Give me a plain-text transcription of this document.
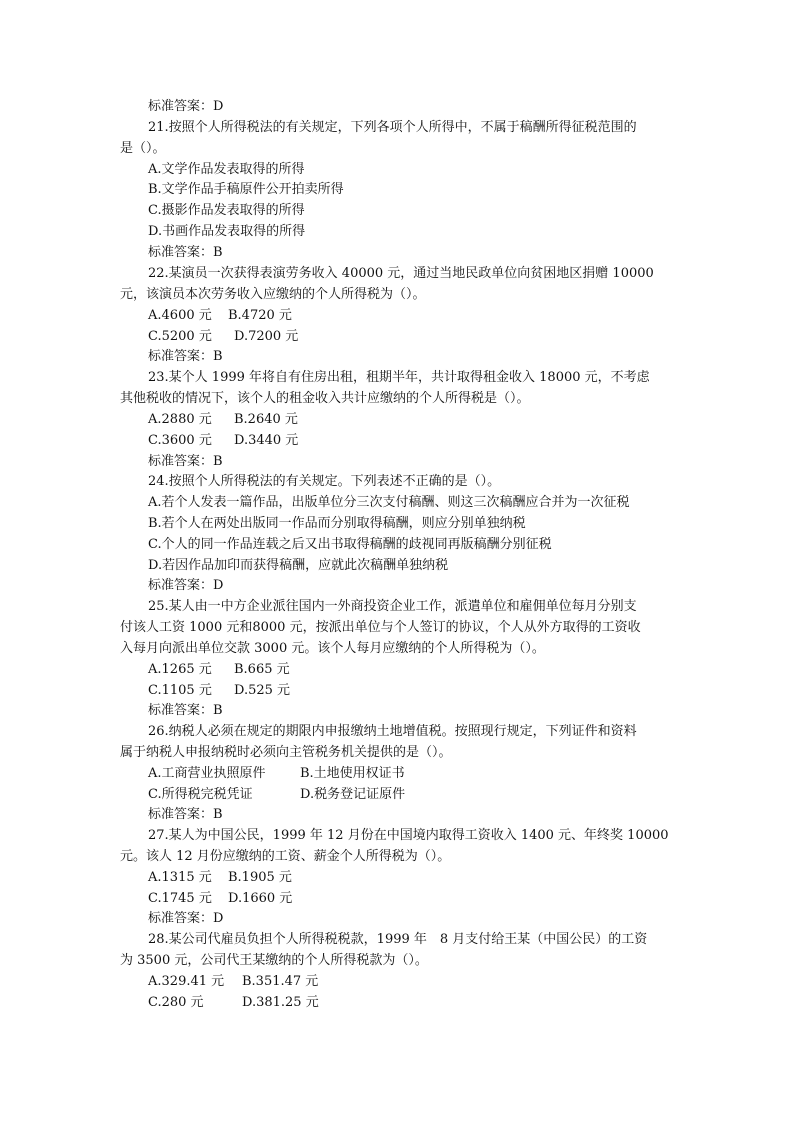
标准答案：D
21.按照个人所得税法的有关规定，下列各项个人所得中，不属于稿酬所得征税范围的
是（）。
A.文学作品发表取得的所得
B.文学作品手稿原件公开拍卖所得
C.摄影作品发表取得的所得
D.书画作品发表取得的所得
标准答案：B
22.某演员一次获得表演劳务收入 40000 元，通过当地民政单位向贫困地区捐赠 10000
元，该演员本次劳务收入应缴纳的个人所得税为（）。
A.4600 元 B.4720 元
C.5200 元 D.7200 元
标准答案：B
23.某个人 1999 年将自有住房出租，租期半年，共计取得租金收入 18000 元，不考虑
其他税收的情况下，该个人的租金收入共计应缴纳的个人所得税是（）。
A.2880 元 B.2640 元
C.3600 元 D.3440 元
标准答案：B
24.按照个人所得税法的有关规定。下列表述不正确的是（）。
A.若个人发表一篇作品，出版单位分三次支付稿酬、则这三次稿酬应合并为一次征税
B.若个人在两处出版同一作品而分别取得稿酬，则应分别单独纳税
C.个人的同一作品连载之后又出书取得稿酬的歧视同再版稿酬分别征税
D.若因作品加印而获得稿酬，应就此次稿酬单独纳税
标准答案：D
25.某人由一中方企业派往国内一外商投资企业工作，派遣单位和雇佣单位每月分别支
付该人工资 1000 元和8000 元，按派出单位与个人签订的协议，个人从外方取得的工资收
入每月向派出单位交款 3000 元。该个人每月应缴纳的个人所得税为（）。
A.1265 元 B.665 元
C.1105 元 D.525 元
标准答案：B
26.纳税人必须在规定的期限内申报缴纳土地增值税。按照现行规定，下列证件和资料
属于纳税人申报纳税时必须向主管税务机关提供的是（）。
A.工商营业执照原件	B.土地使用权证书
C.所得税完税凭证	D.税务登记证原件
标准答案：B
27.某人为中国公民，1999 年 12 月份在中国境内取得工资收入 1400 元、年终奖 10000
元。该人 12 月份应缴纳的工资、薪金个人所得税为（）。
A.1315 元 B.1905 元
C.1745 元 D.1660 元
标准答案：D
28.某公司代雇员负担个人所得税税款，1999 年　8 月支付给王某（中国公民）的工资
为 3500 元，公司代王某缴纳的个人所得税款为（）。
A.329.41 元 B.351.47 元
C.280 元	D.381.25 元
